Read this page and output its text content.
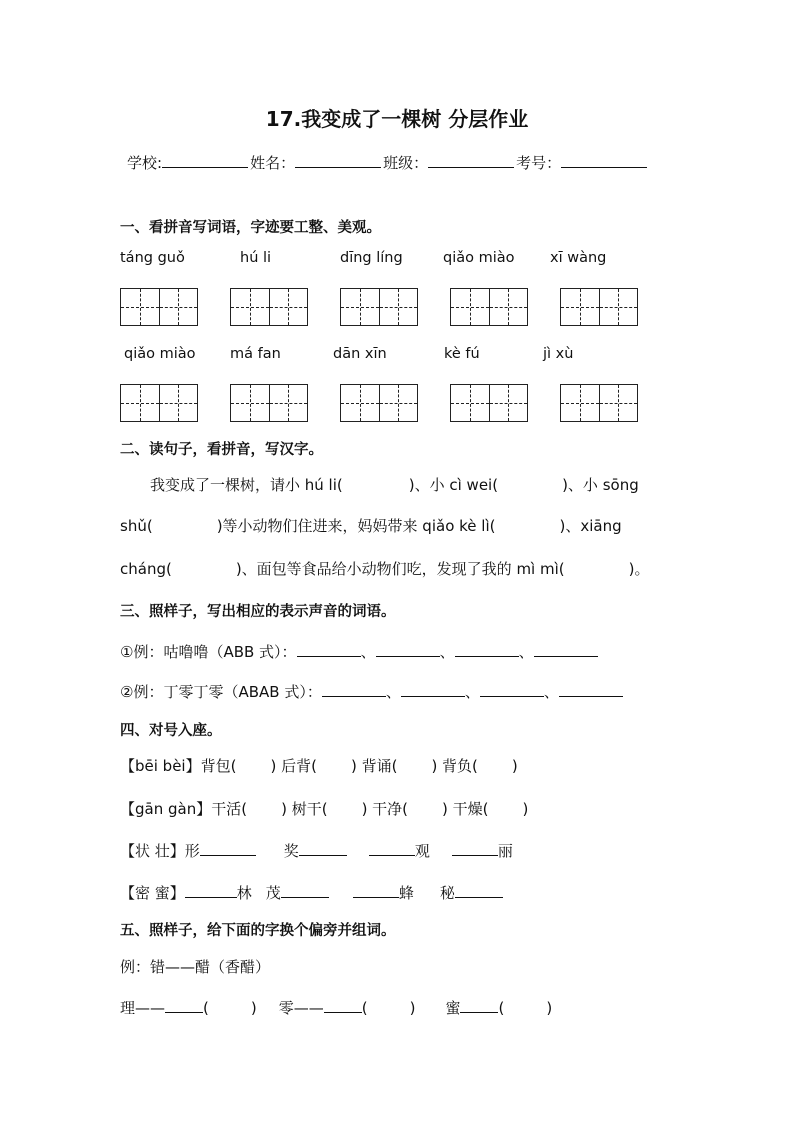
17.我变成了一棵树 分层作业
学校:	姓名：	班级：	考号：
一、看拼音写词语，字迹要工整、美观。
táng guǒ	hú li	dīng líng	qiǎo miào xī wàng
qiǎo miào má fan	dān xīn	kè fú	jì xù
二、读句子，看拼音，写汉字。
我变成了一棵树，请小 hú li(	)、小 cì wei(	)、小 sōng
shǔ(	)等小动物们住进来，妈妈带来 qiǎo kè lì(	)、xiāng
cháng(	)、面包等食品给小动物们吃，发现了我的 mì mì(	)。
三、照样子，写出相应的表示声音的词语。
①例：咕噜噜（ABB 式）：	、	、	、
②例：丁零丁零（ABAB 式）：	、	、	、
四、对号入座。
【bēi bèi】背包( ) 后背( ) 背诵( ) 背负( )
【gān gàn】干活( ) 树干( ) 干净( ) 干燥( )
【状 壮】形	奖	观	丽
【密 蜜】	林 茂	蜂 秘
五、照样子，给下面的字换个偏旁并组词。
例：错——醋（香醋）
理——	(	) 零——	(	) 蜜	(	)
